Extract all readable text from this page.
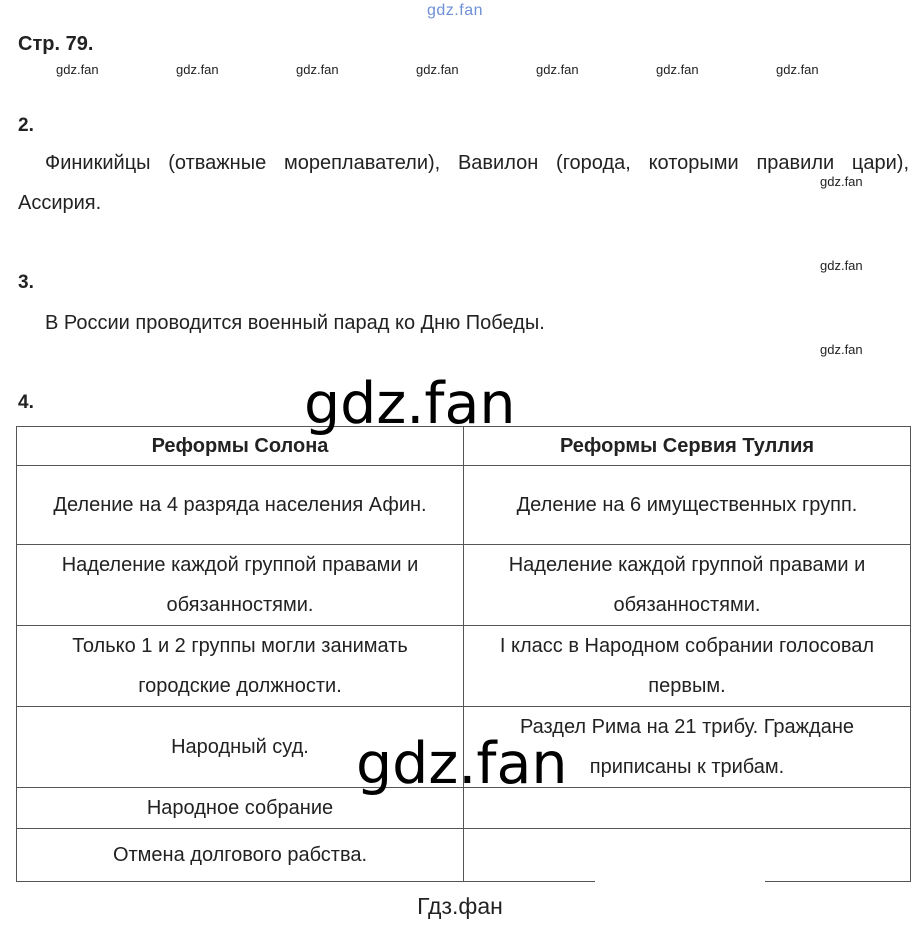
gdz.fan
Стр. 79.
gdz.fan	gdz.fan	gdz.fan	gdz.fan	gdz.fan	gdz.fan	gdz.fan
2.
Финикийцы (отважные мореплаватели), Вавилон (города, которыми правили цари), Ассирия.
gdz.fan
gdz.fan
3.
В России проводится военный парад ко Дню Победы.
gdz.fan
4.
Реформы Солона	Реформы Сервия Туллия
Деление на 4 разряда населения Афин.	Деление на 6 имущественных групп.
Наделение каждой группой правами и обязанностями.	Наделение каждой группой правами и обязанностями.
Только 1 и 2 группы могли занимать городские должности.	I класс в Народном собрании голосовал первым.
Народный суд.	Раздел Рима на 21 трибу. Граждане приписаны к трибам.
Народное собрание	
Отмена долгового рабства.	
gdz.fan
gdz.fan
Гдз.фан
